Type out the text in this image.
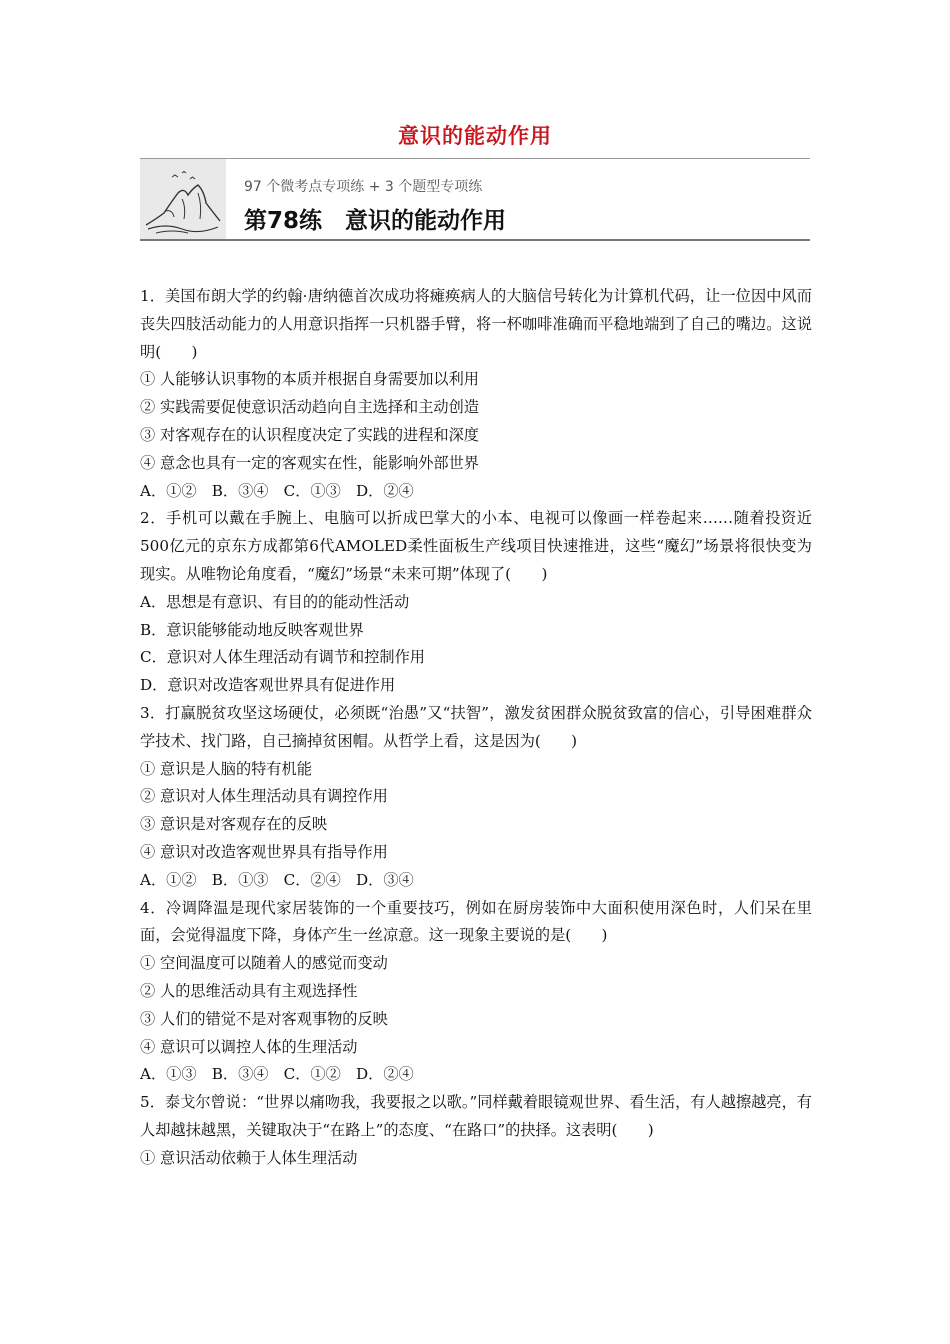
意识的能动作用
97 个微考点专项练 + 3 个题型专项练
第78练　意识的能动作用

1．美国布朗大学的约翰·唐纳德首次成功将瘫痪病人的大脑信号转化为计算机代码，让一位因中风而丧失四肢活动能力的人用意识指挥一只机器手臂，将一杯咖啡准确而平稳地端到了自己的嘴边。这说明(　　)

① 人能够认识事物的本质并根据自身需要加以利用

② 实践需要促使意识活动趋向自主选择和主动创造

③ 对客观存在的认识程度决定了实践的进程和深度

④ 意念也具有一定的客观实在性，能影响外部世界

A．①②　B．③④　C．①③　D．②④

2．手机可以戴在手腕上、电脑可以折成巴掌大的小本、电视可以像画一样卷起来……随着投资近500亿元的京东方成都第6代AMOLED柔性面板生产线项目快速推进，这些“魔幻”场景将很快变为现实。从唯物论角度看，“魔幻”场景“未来可期”体现了(　　)

A．思想是有意识、有目的的能动性活动

B．意识能够能动地反映客观世界

C．意识对人体生理活动有调节和控制作用

D．意识对改造客观世界具有促进作用

3．打赢脱贫攻坚这场硬仗，必须既“治愚”又“扶智”，激发贫困群众脱贫致富的信心，引导困难群众学技术、找门路，自己摘掉贫困帽。从哲学上看，这是因为(　　)

① 意识是人脑的特有机能

② 意识对人体生理活动具有调控作用

③ 意识是对客观存在的反映

④ 意识对改造客观世界具有指导作用

A．①②　B．①③　C．②④　D．③④

4．冷调降温是现代家居装饰的一个重要技巧，例如在厨房装饰中大面积使用深色时，人们呆在里面，会觉得温度下降，身体产生一丝凉意。这一现象主要说的是(　　)

① 空间温度可以随着人的感觉而变动

② 人的思维活动具有主观选择性

③ 人们的错觉不是对客观事物的反映

④ 意识可以调控人体的生理活动

A．①③　B．③④　C．①②　D．②④

5．泰戈尔曾说：“世界以痛吻我，我要报之以歌。”同样戴着眼镜观世界、看生活，有人越擦越亮，有人却越抹越黑，关键取决于“在路上”的态度、“在路口”的抉择。这表明(　　)

① 意识活动依赖于人体生理活动
